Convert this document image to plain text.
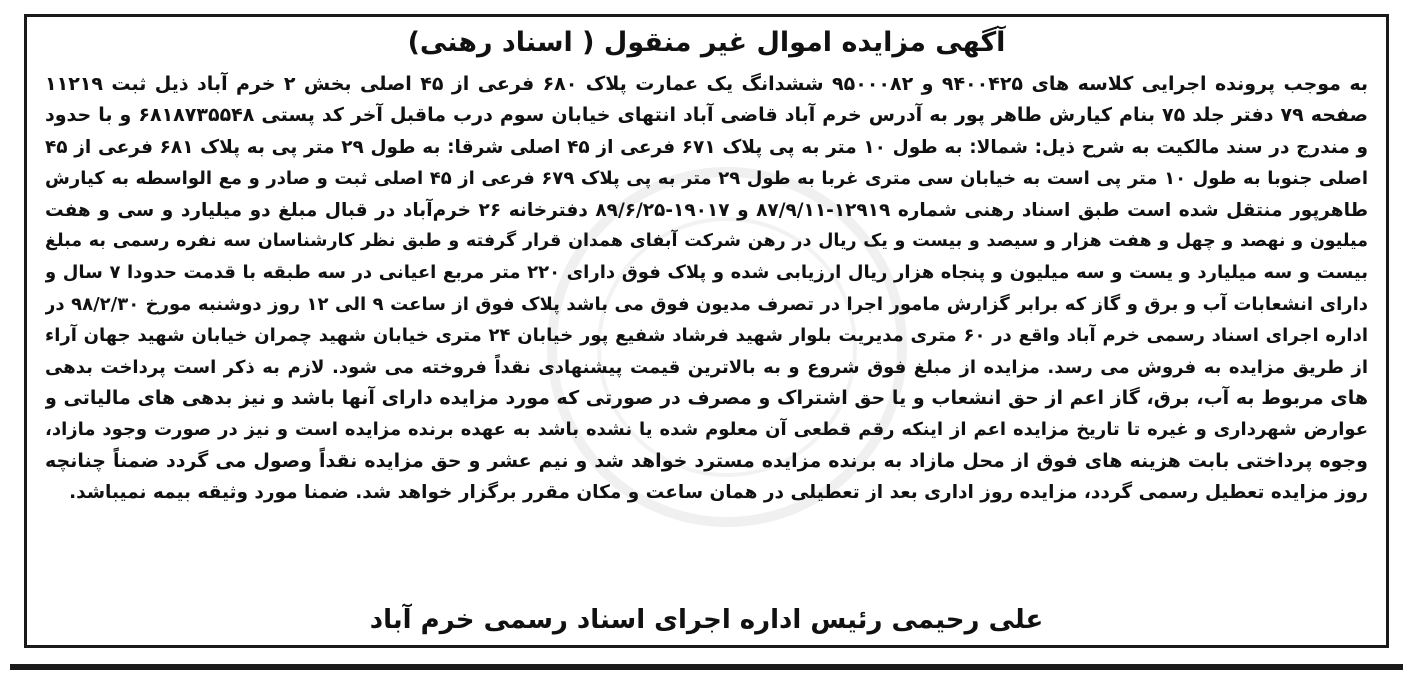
آگهی مزایده اموال غیر منقول ( اسناد رهنی)
به موجب پرونده اجرایی کلاسه های ۹۴۰۰۴۲۵ و ۹۵۰۰۰۸۲ ششدانگ یک عمارت پلاک ۶۸۰ فرعی از ۴۵ اصلی بخش ۲ خرم آباد ذیل ثبت ۱۱۲۱۹
صفحه ۷۹ دفتر جلد ۷۵ بنام کیارش طاهر پور به آدرس خرم آباد قاضی آباد انتهای خیابان سوم درب ماقبل آخر کد پستی ۶۸۱۸۷۳۵۵۴۸ و با حدود
و مندرج در سند مالکیت به شرح ذیل: شمالا: به طول ۱۰ متر به پی پلاک ۶۷۱ فرعی از ۴۵ اصلی شرقا: به طول ۲۹ متر پی به پلاک ۶۸۱ فرعی از ۴۵
اصلی جنوبا به طول ۱۰ متر پی است به خیابان سی متری غربا به طول ۲۹ متر به پی پلاک ۶۷۹ فرعی از ۴۵ اصلی ثبت و صادر و مع الواسطه به کیارش
طاهرپور منتقل شده است طبق اسناد رهنی شماره ۱۲۹۱۹-۸۷/۹/۱۱ و ۱۹۰۱۷-۸۹/۶/۲۵ دفترخانه ۲۶ خرم‌آباد در قبال مبلغ دو میلیارد و سی و هفت
میلیون و نهصد و چهل و هفت هزار و سیصد و بیست و یک ریال در رهن شرکت آبفای همدان قرار گرفته و طبق نظر کارشناسان سه نفره رسمی به مبلغ
بیست و سه میلیارد و یست و سه میلیون و پنجاه هزار ریال ارزیابی شده و پلاک فوق دارای ۲۲۰ متر مربع اعیانی در سه طبقه با قدمت حدودا ۷ سال و
دارای انشعابات آب و برق و گاز که برابر گزارش مامور اجرا در تصرف مدیون فوق می باشد پلاک فوق از ساعت ۹ الی ۱۲ روز دوشنبه مورخ ۹۸/۲/۳۰ در
اداره اجرای اسناد رسمی خرم آباد واقع در ۶۰ متری مدیریت بلوار شهید فرشاد شفیع پور خیابان ۲۴ متری خیابان شهید چمران خیابان شهید جهان آراء
از طریق مزایده به فروش می رسد. مزایده از مبلغ فوق شروع و به بالاترین قیمت پیشنهادی نقداً فروخته می شود. لازم به ذکر است پرداخت بدهی
های مربوط به آب، برق، گاز اعم از حق انشعاب و یا حق اشتراک و مصرف در صورتی که مورد مزایده دارای آنها باشد و نیز بدهی های مالیاتی و
عوارض شهرداری و غیره تا تاریخ مزایده اعم از اینکه رقم قطعی آن معلوم شده یا نشده باشد به عهده برنده مزایده است و نیز در صورت وجود مازاد،
وجوه پرداختی بابت هزینه های فوق از محل مازاد به برنده مزایده مسترد خواهد شد و نیم عشر و حق مزایده نقداً وصول می گردد ضمناً چنانچه
روز مزایده تعطیل رسمی گردد، مزایده روز اداری بعد از تعطیلی در همان ساعت و مکان مقرر برگزار خواهد شد. ضمنا مورد وثیقه بیمه نمیباشد.
علی رحیمی رئیس اداره اجرای اسناد رسمی خرم آباد
